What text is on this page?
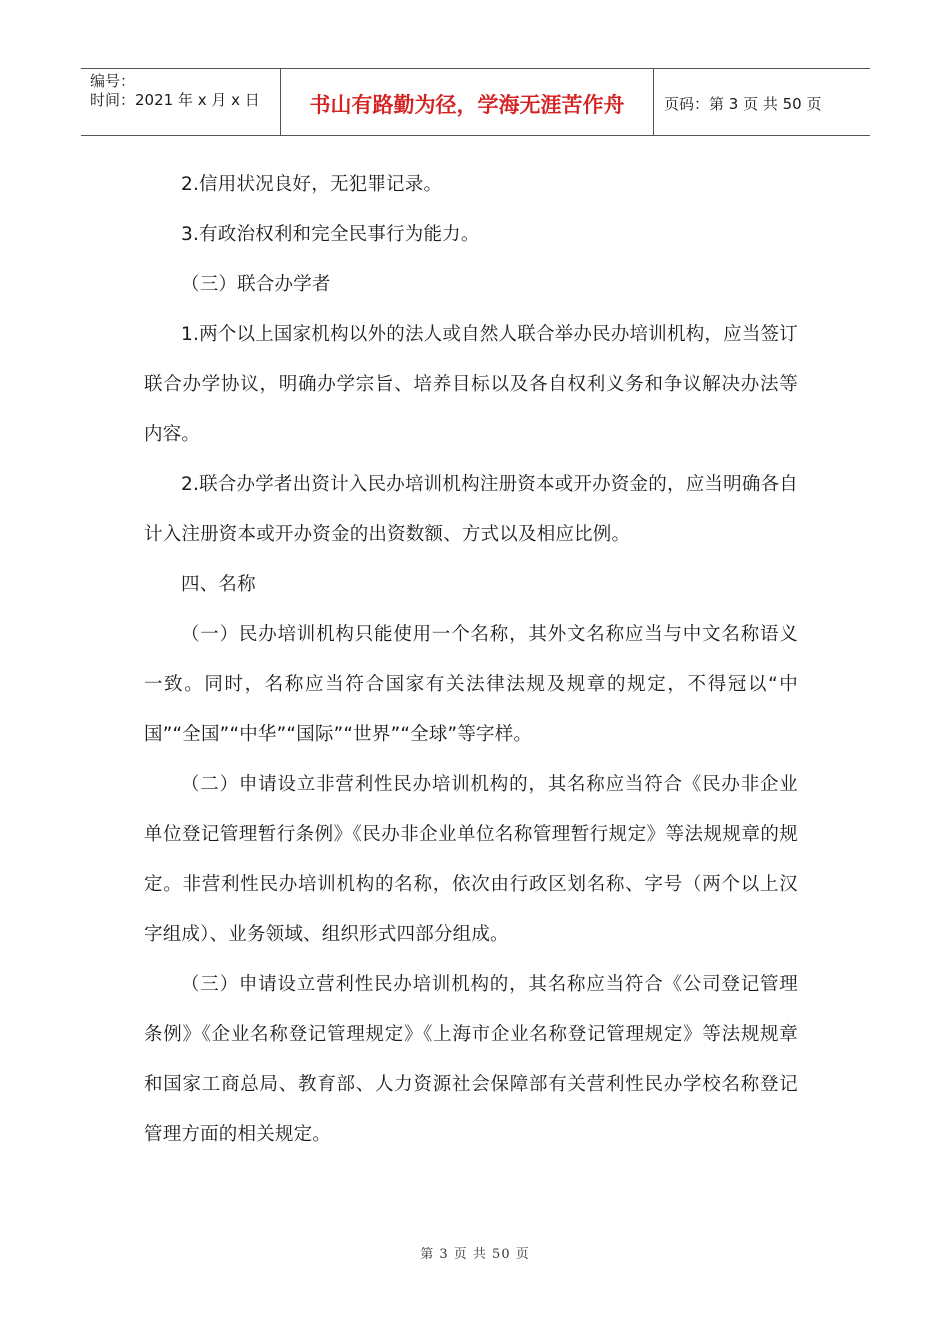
编号：
时间：2021 年 x 月 x 日	书山有路勤为径，学海无涯苦作舟	页码：第 3 页 共 50 页

2.信用状况良好，无犯罪记录。

3.有政治权利和完全民事行为能力。

（三）联合办学者

1.两个以上国家机构以外的法人或自然人联合举办民办培训机构，应当签订联合办学协议，明确办学宗旨、培养目标以及各自权利义务和争议解决办法等内容。

2.联合办学者出资计入民办培训机构注册资本或开办资金的，应当明确各自计入注册资本或开办资金的出资数额、方式以及相应比例。

四、名称

（一）民办培训机构只能使用一个名称，其外文名称应当与中文名称语义一致。同时，名称应当符合国家有关法律法规及规章的规定，不得冠以“中国”“全国”“中华”“国际”“世界”“全球”等字样。

（二）申请设立非营利性民办培训机构的，其名称应当符合《民办非企业单位登记管理暂行条例》《民办非企业单位名称管理暂行规定》等法规规章的规定。非营利性民办培训机构的名称，依次由行政区划名称、字号（两个以上汉字组成）、业务领域、组织形式四部分组成。

（三）申请设立营利性民办培训机构的，其名称应当符合《公司登记管理条例》《企业名称登记管理规定》《上海市企业名称登记管理规定》等法规规章和国家工商总局、教育部、人力资源社会保障部有关营利性民办学校名称登记管理方面的相关规定。

第 3 页 共 50 页
